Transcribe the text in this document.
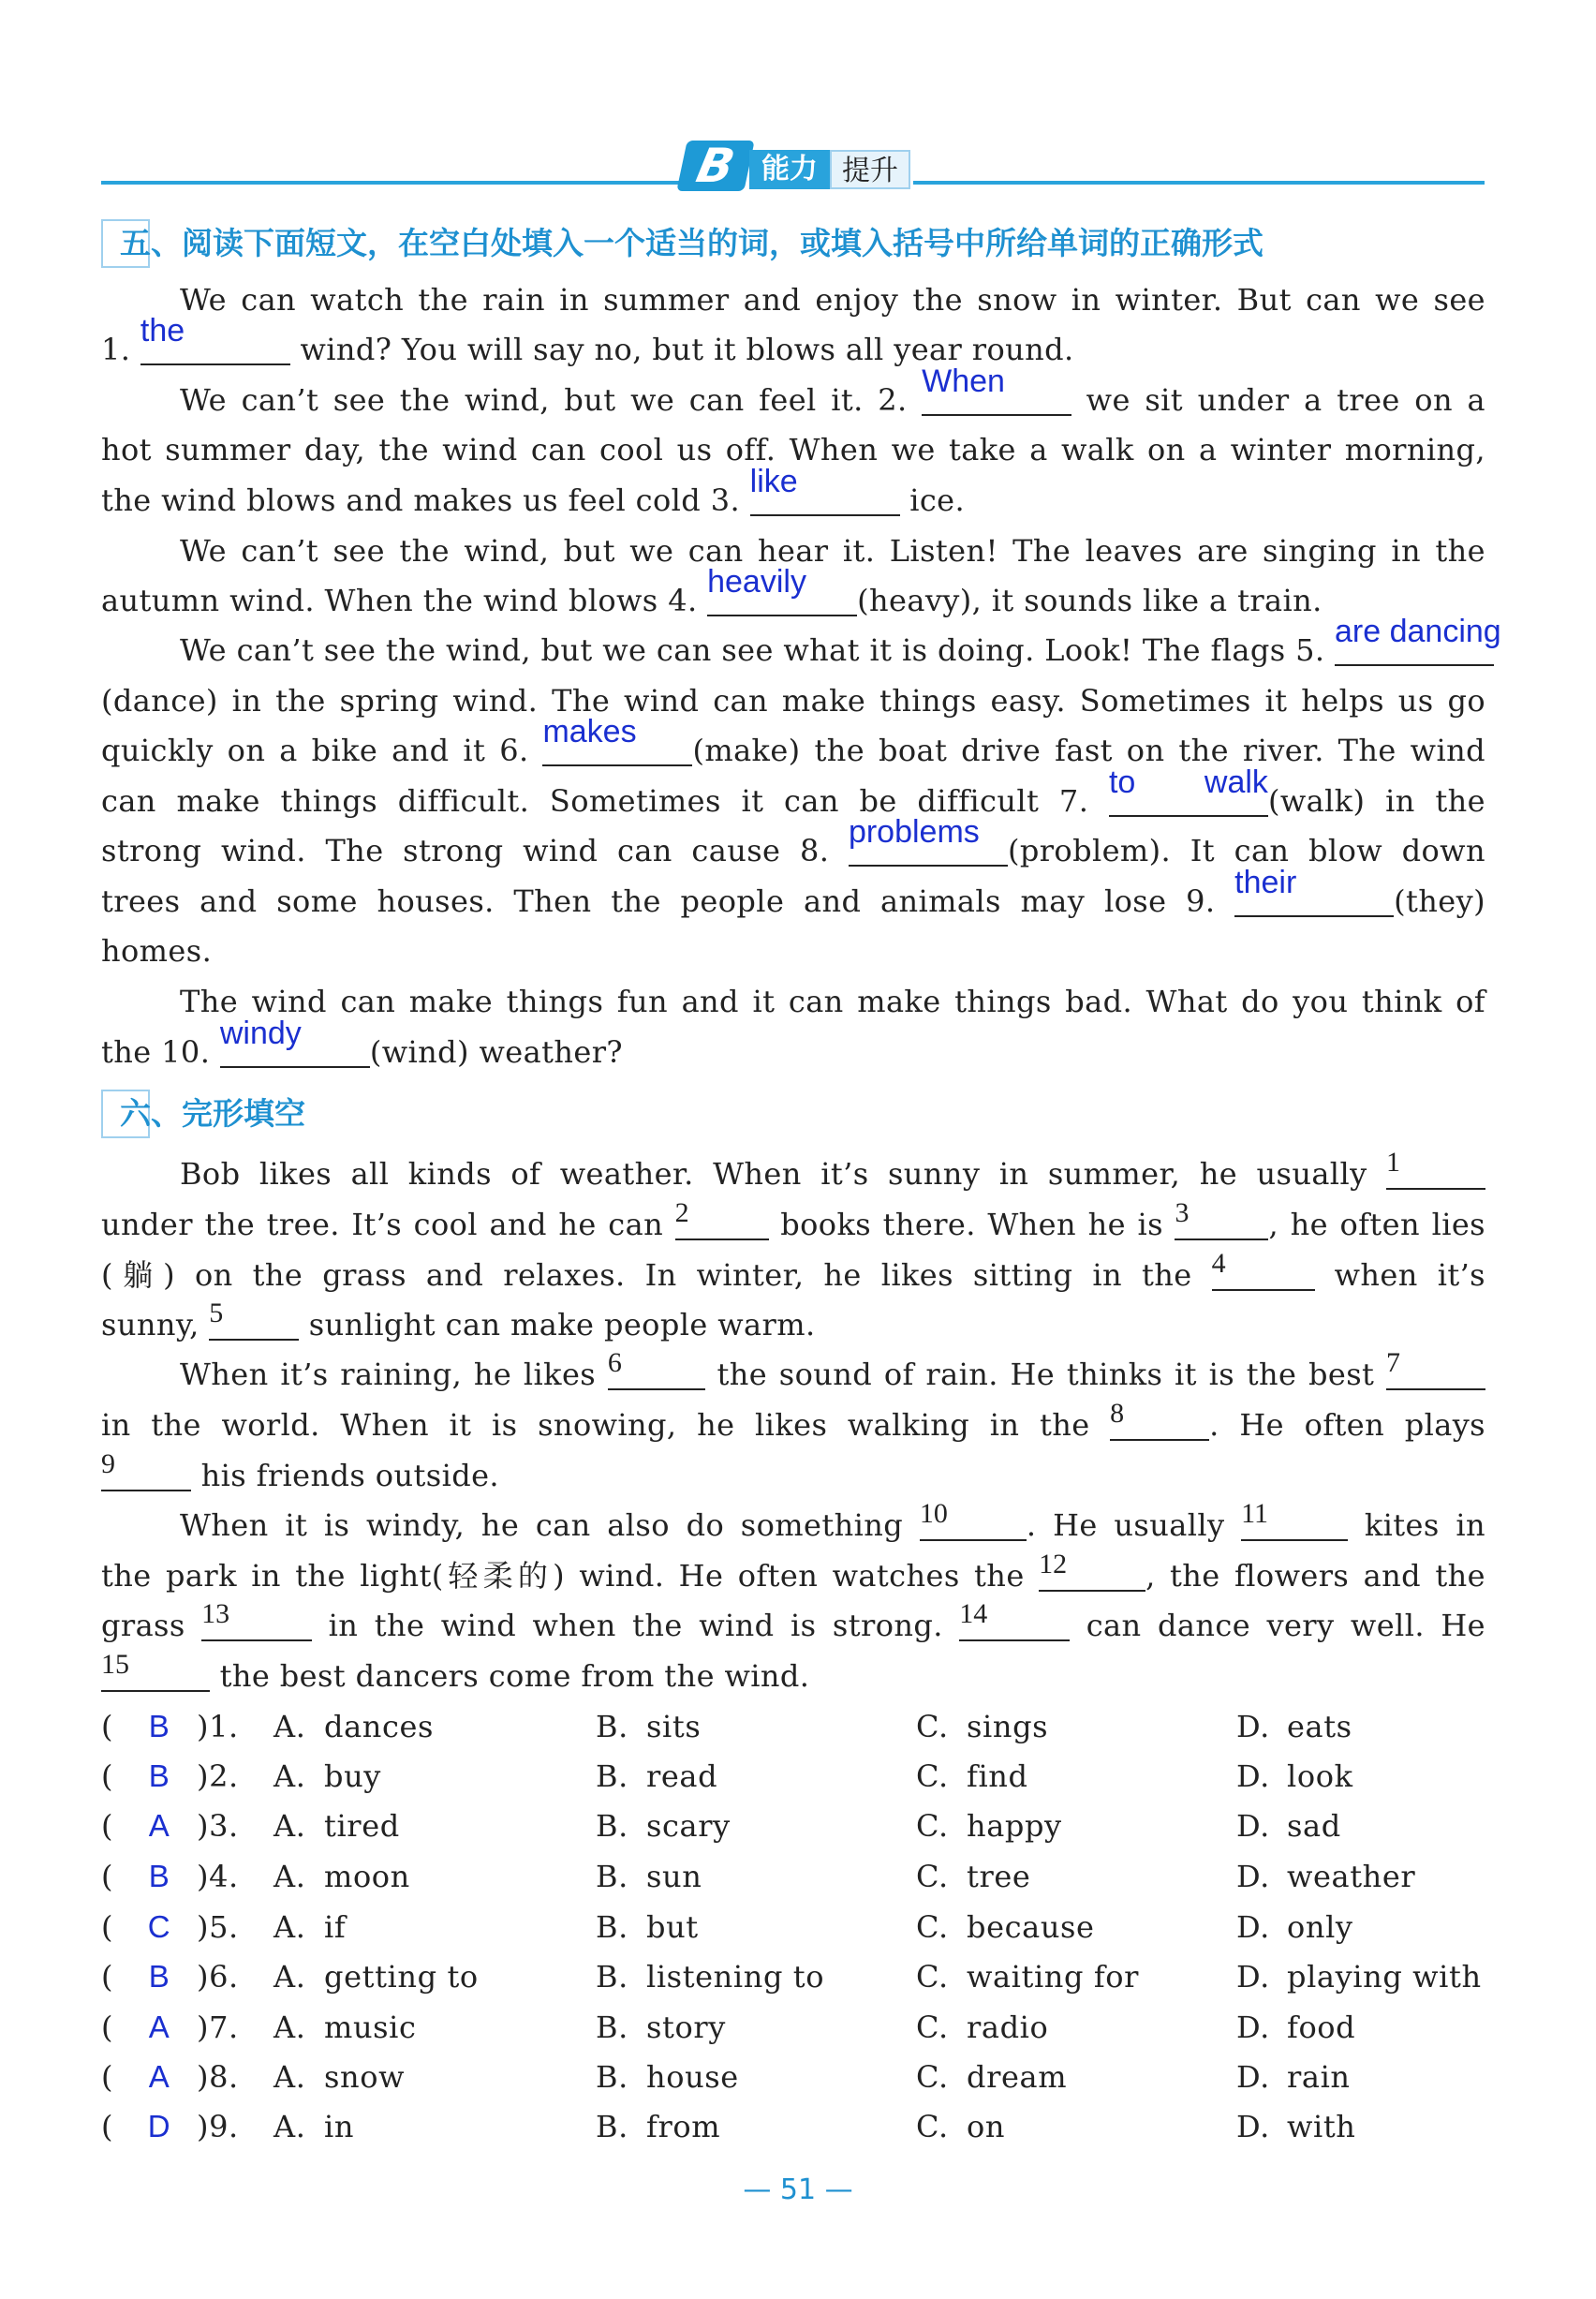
B 能力 提升
五、阅读下面短文，在空白处填入一个适当的词，或填入括号中所给单词的正确形式
We can watch the rain in summer and enjoy the snow in winter. But can we see
1.
the
wind? You will say no, but it blows all year round.
We can’t see the wind, but we can feel it. 2.
When
we sit under a tree on a
hot summer day, the wind can cool us off. When we take a walk on a winter morning,
the wind blows and makes us feel cold 3.
like
ice.
We can’t see the wind, but we can hear it. Listen! The leaves are singing in the
autumn wind. When the wind blows 4.
heavily
(heavy), it sounds like a train.
We can’t see the wind, but we can see what it is doing. Look! The flags 5.
are dancing
(dance) in the spring wind. The wind can make things easy. Sometimes it helps us go
quickly on a bike and it 6.
makes
(make) the boat drive fast on the river. The wind
can make things difficult. Sometimes it can be difficult 7.
to walk
(walk) in the
strong wind. The strong wind can cause 8.
problems
(problem). It can blow down
trees and some houses. Then the people and animals may lose 9.
their
(they)
homes.
The wind can make things fun and it can make things bad. What do you think of
the 10.
windy
(wind) weather?
六、完形填空
Bob likes all kinds of weather. When it’s sunny in summer, he usually 1
under the tree. It’s cool and he can 2	books there. When he is 3	, he often lies
(躺) on the grass and relaxes. In winter, he likes sitting in the 4	when it’s
sunny, 5	sunlight can make people warm.
When it’s raining, he likes 6	the sound of rain. He thinks it is the best 7
in the world. When it is snowing, he likes walking in the 8	. He often plays
9	his friends outside.
When it is windy, he can also do something 10	. He usually 11	kites in
the park in the light(轻柔的) wind. He often watches the 12	, the flowers and the
grass 13	in the wind when the wind is strong. 14	can dance very well. He
15	the best dancers come from the wind.
( B )1. A. dances	B. sits	C. sings	D. eats
( B )2. A. buy	B. read	C. find	D. look
( A )3. A. tired	B. scary	C. happy	D. sad
( B )4. A. moon	B. sun	C. tree	D. weather
( C )5. A. if	B. but	C. because	D. only
( B )6. A. getting to	B. listening to	C. waiting for	D. playing with
( A )7. A. music	B. story	C. radio	D. food
( A )8. A. snow	B. house	C. dream	D. rain
( D )9. A. in	B. from	C. on	D. with
— 51 —
